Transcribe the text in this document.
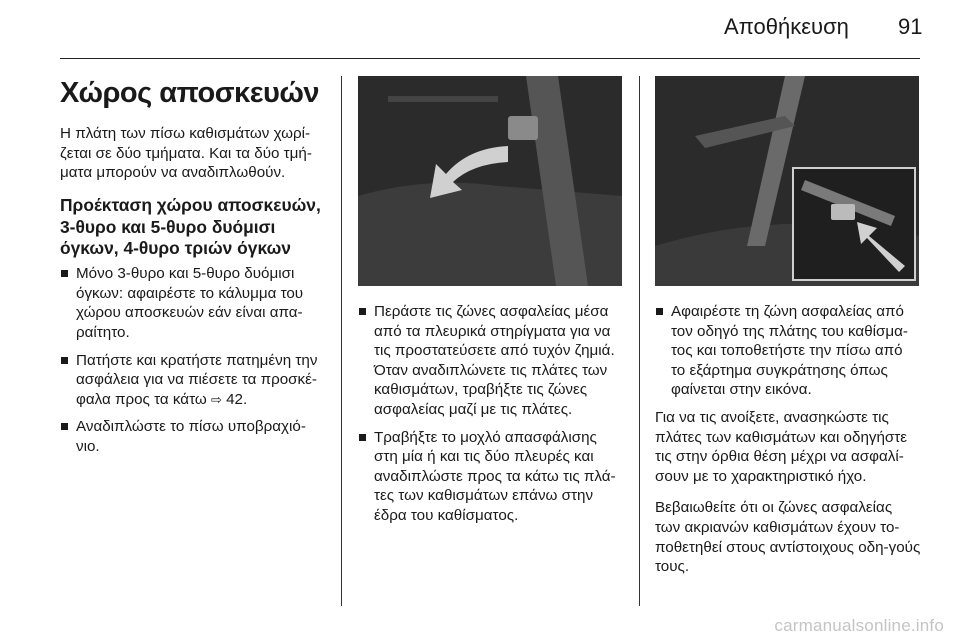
Αποθήκευση 91
Χώρος αποσκευών

Η πλάτη των πίσω καθισμάτων χωρί-ζεται σε δύο τμήματα. Και τα δύο τμή-ματα μπορούν να αναδιπλωθούν.

Προέκταση χώρου αποσκευών, 3-θυρο και 5-θυρο δυόμισι όγκων, 4-θυρο τριών όγκων
Μόνο 3-θυρο και 5-θυρο δυόμισι όγκων: αφαιρέστε το κάλυμμα του χώρου αποσκευών εάν είναι απα-ραίτητο.
Πατήστε και κρατήστε πατημένη την ασφάλεια για να πιέσετε τα προσκέ-φαλα προς τα κάτω ⇨ 42.
Αναδιπλώστε το πίσω υποβραχιό-νιο.
Περάστε τις ζώνες ασφαλείας μέσα από τα πλευρικά στηρίγματα για να τις προστατεύσετε από τυχόν ζημιά. Όταν αναδιπλώνετε τις πλάτες των καθισμάτων, τραβήξτε τις ζώνες ασφαλείας μαζί με τις πλάτες.
Τραβήξτε το μοχλό απασφάλισης στη μία ή και τις δύο πλευρές και αναδιπλώστε προς τα κάτω τις πλά-τες των καθισμάτων επάνω στην έδρα του καθίσματος.
Αφαιρέστε τη ζώνη ασφαλείας από τον οδηγό της πλάτης του καθίσμα-τος και τοποθετήστε την πίσω από το εξάρτημα συγκράτησης όπως φαίνεται στην εικόνα.

Για να τις ανοίξετε, ανασηκώστε τις πλάτες των καθισμάτων και οδηγήστε τις στην όρθια θέση μέχρι να ασφαλί-σουν με το χαρακτηριστικό ήχο.

Βεβαιωθείτε ότι οι ζώνες ασφαλείας των ακριανών καθισμάτων έχουν το-ποθετηθεί στους αντίστοιχους οδη-γούς τους.

carmanualsonline.info
